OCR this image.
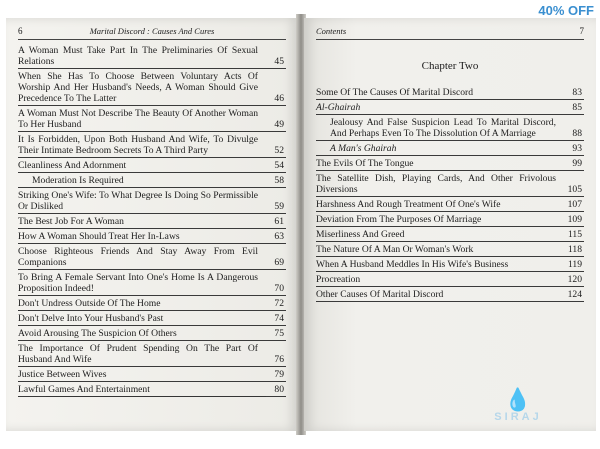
6	Marital Discord : Causes And Cures
A Woman Must Take Part In The Preliminaries Of Sexual Relations	45
When She Has To Choose Between Voluntary Acts Of Worship And Her Husband's Needs, A Woman Should Give Precedence To The Latter	46
A Woman Must Not Describe The Beauty Of Another Woman To Her Husband	49
It Is Forbidden, Upon Both Husband And Wife, To Divulge Their Intimate Bedroom Secrets To A Third Party	52
Cleanliness And Adornment	54
Moderation Is Required	58
Striking One's Wife: To What Degree Is Doing So Permissible Or Disliked	59
The Best Job For A Woman	61
How A Woman Should Treat Her In-Laws	63
Choose Righteous Friends And Stay Away From Evil Companions	69
To Bring A Female Servant Into One's Home Is A Dangerous Proposition Indeed!	70
Don't Undress Outside Of The Home	72
Don't Delve Into Your Husband's Past	74
Avoid Arousing The Suspicion Of Others	75
The Importance Of Prudent Spending On The Part Of Husband And Wife	76
Justice Between Wives	79
Lawful Games And Entertainment	80
Contents	7
Chapter Two
Some Of The Causes Of Marital Discord	83
Al-Ghairah	85
Jealousy And False Suspicion Lead To Marital Discord, And Perhaps Even To The Dissolution Of A Marriage	88
A Man's Ghairah	93
The Evils Of The Tongue	99
The Satellite Dish, Playing Cards, And Other Frivolous Diversions	105
Harshness And Rough Treatment Of One's Wife	107
Deviation From The Purposes Of Marriage	109
Miserliness And Greed	115
The Nature Of A Man Or Woman's Work	118
When A Husband Meddles In His Wife's Business	119
Procreation	120
Other Causes Of Marital Discord	124
💧
SIRAJ
40% OFF
